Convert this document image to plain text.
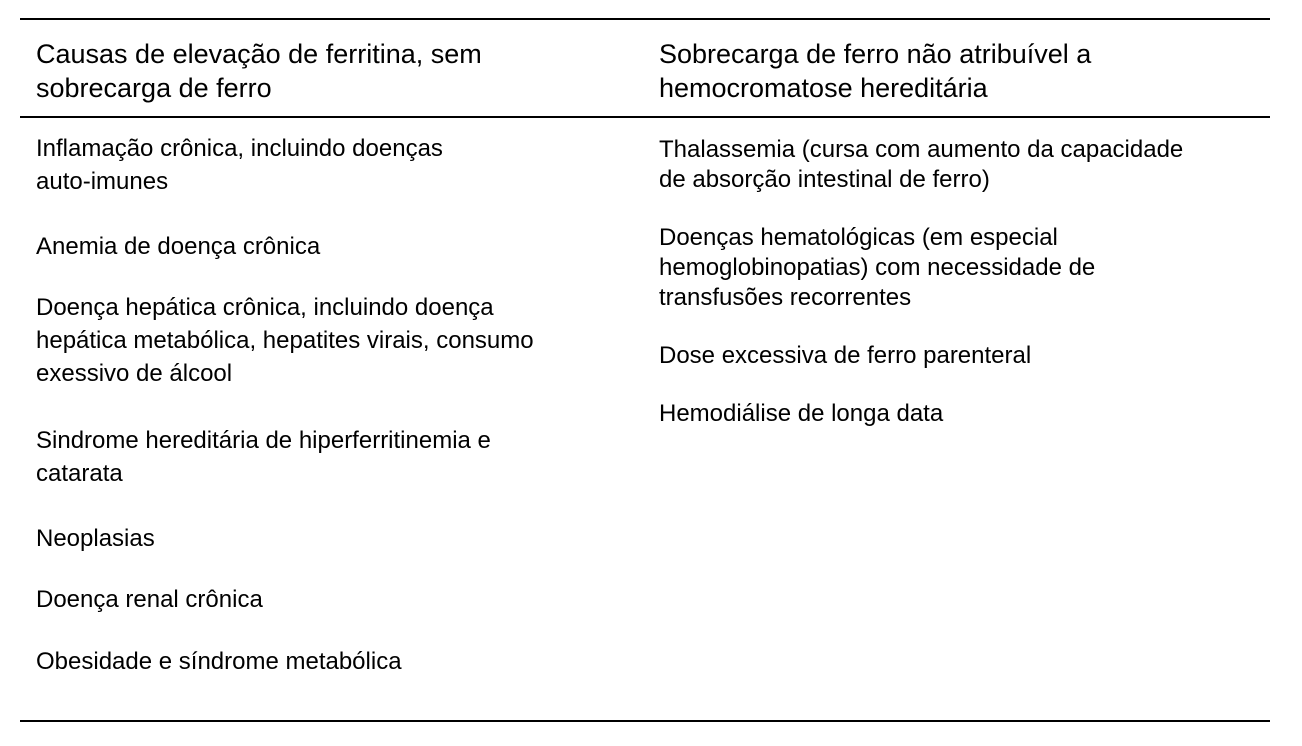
Causas de elevação de ferritina, sem
sobrecarga de ferro
Sobrecarga de ferro não atribuível a
hemocromatose hereditária
Inflamação crônica, incluindo doenças
auto-imunes
Anemia de doença crônica
Doença hepática crônica, incluindo doença
hepática metabólica, hepatites virais, consumo
exessivo de álcool
Sindrome hereditária de hiperferritinemia e
catarata
Neoplasias
Doença renal crônica
Obesidade e síndrome metabólica
Thalassemia (cursa com aumento da capacidade
de absorção intestinal de ferro)
Doenças hematológicas (em especial
hemoglobinopatias) com necessidade de
transfusões recorrentes
Dose excessiva de ferro parenteral
Hemodiálise de longa data
